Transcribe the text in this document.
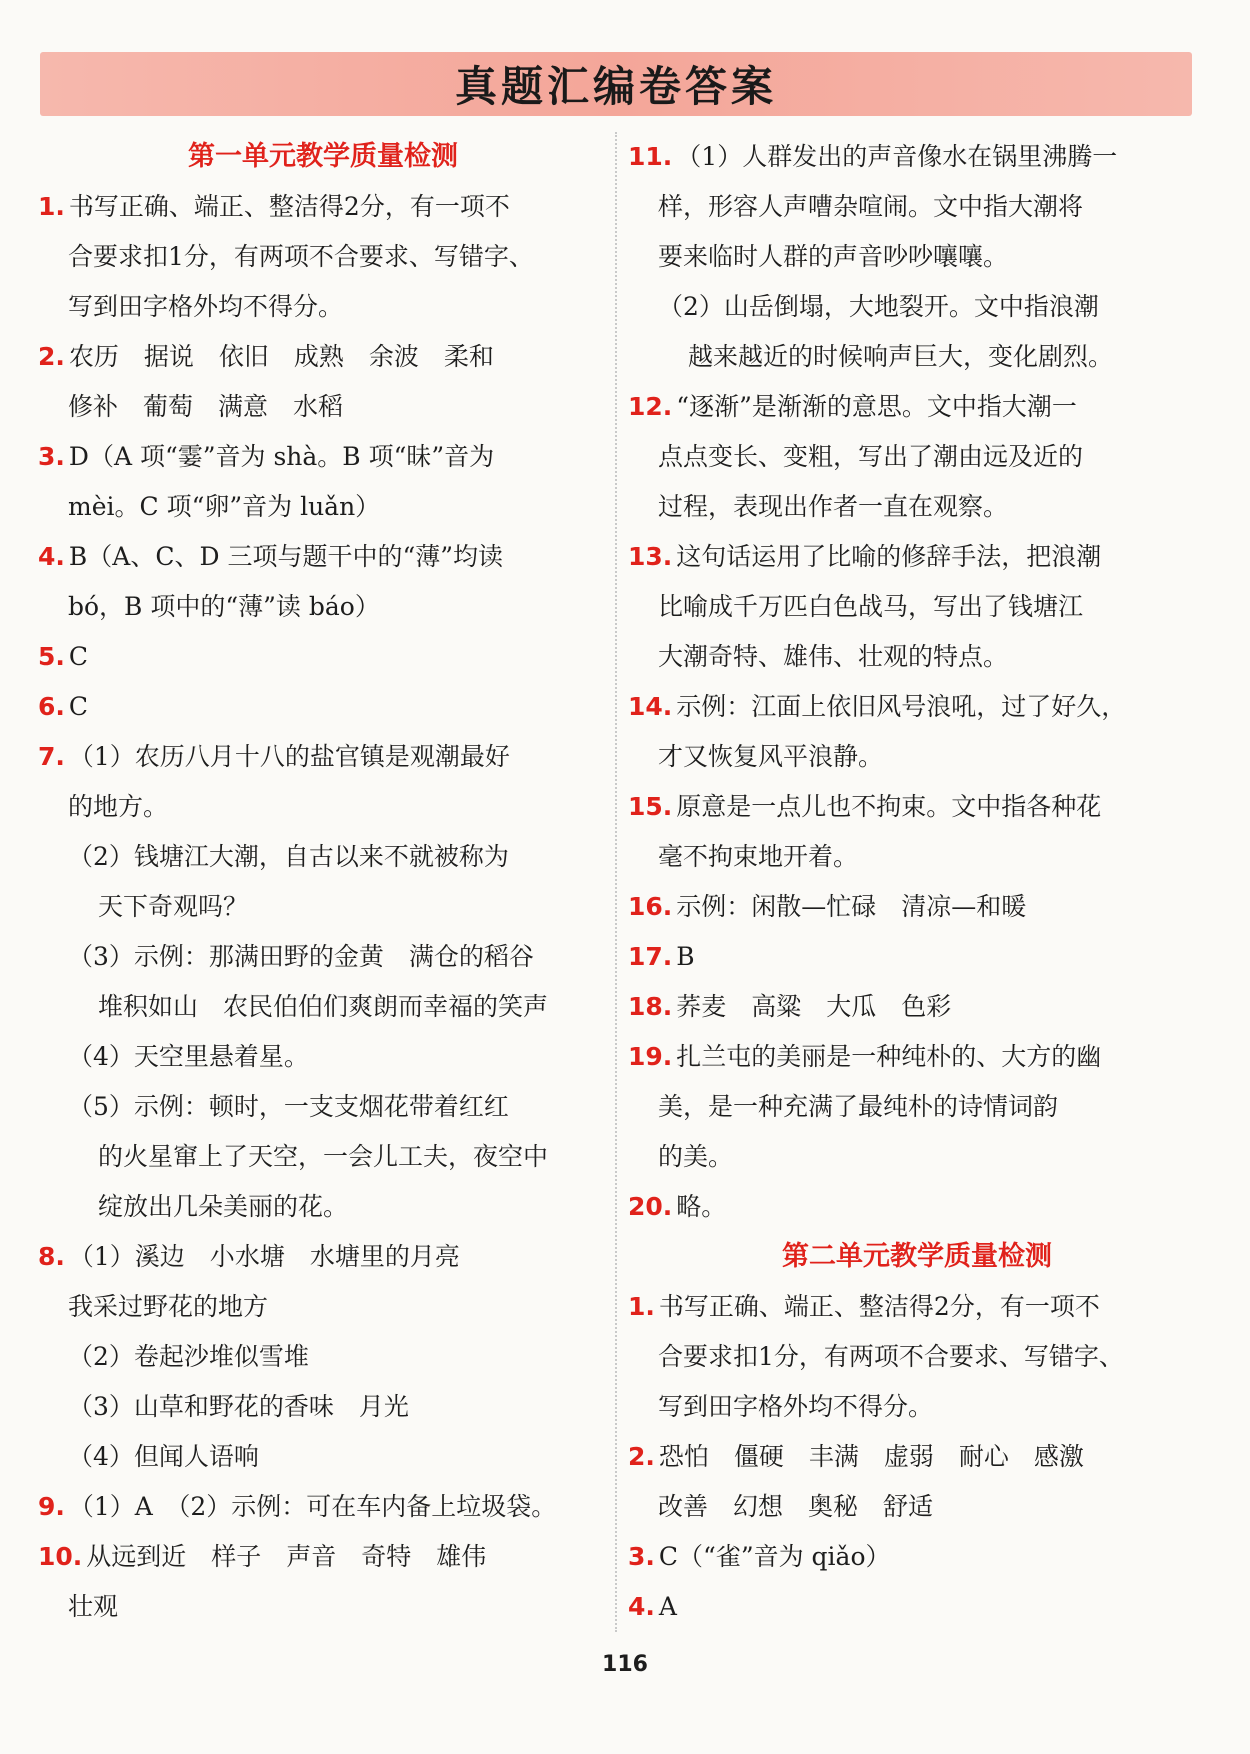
真题汇编卷答案
第一单元教学质量检测
1. 书写正确、端正、整洁得2分，有一项不
合要求扣1分，有两项不合要求、写错字、
写到田字格外均不得分。
2. 农历　据说　依旧　成熟　余波　柔和
修补　葡萄　满意　水稻
3. D（A 项“霎”音为 shà。B 项“昧”音为
mèi。C 项“卵”音为 luǎn）
4. B（A、C、D 三项与题干中的“薄”均读
bó，B 项中的“薄”读 báo）
5. C
6. C
7. （1）农历八月十八的盐官镇是观潮最好
的地方。
（2）钱塘江大潮，自古以来不就被称为
天下奇观吗？
（3）示例：那满田野的金黄　满仓的稻谷
堆积如山　农民伯伯们爽朗而幸福的笑声
（4）天空里悬着星。
（5）示例：顿时，一支支烟花带着红红
的火星窜上了天空，一会儿工夫，夜空中
绽放出几朵美丽的花。
8. （1）溪边　小水塘　水塘里的月亮
我采过野花的地方
（2）卷起沙堆似雪堆
（3）山草和野花的香味　月光
（4）但闻人语响
9. （1）A　（2）示例：可在车内备上垃圾袋。
10. 从远到近　样子　声音　奇特　雄伟
壮观
11. （1）人群发出的声音像水在锅里沸腾一
样，形容人声嘈杂喧闹。文中指大潮将
要来临时人群的声音吵吵嚷嚷。
（2）山岳倒塌，大地裂开。文中指浪潮
越来越近的时候响声巨大，变化剧烈。
12. “逐渐”是渐渐的意思。文中指大潮一
点点变长、变粗，写出了潮由远及近的
过程，表现出作者一直在观察。
13. 这句话运用了比喻的修辞手法，把浪潮
比喻成千万匹白色战马，写出了钱塘江
大潮奇特、雄伟、壮观的特点。
14. 示例：江面上依旧风号浪吼，过了好久，
才又恢复风平浪静。
15. 原意是一点儿也不拘束。文中指各种花
毫不拘束地开着。
16. 示例：闲散—忙碌　清凉—和暖
17. B
18. 荞麦　高粱　大瓜　色彩
19. 扎兰屯的美丽是一种纯朴的、大方的幽
美，是一种充满了最纯朴的诗情词韵
的美。
20. 略。
第二单元教学质量检测
1. 书写正确、端正、整洁得2分，有一项不
合要求扣1分，有两项不合要求、写错字、
写到田字格外均不得分。
2. 恐怕　僵硬　丰满　虚弱　耐心　感激
改善　幻想　奥秘　舒适
3. C（“雀”音为 qiǎo）
4. A
116
